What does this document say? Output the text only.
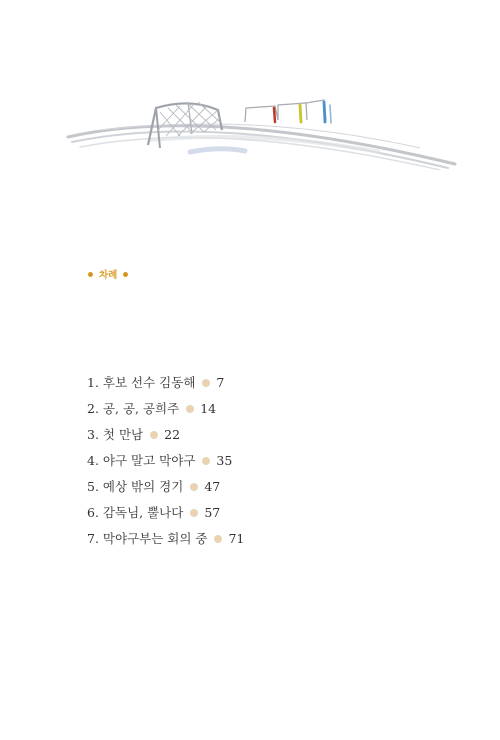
차례
1.
후보 선수 김동해 7
2.
공, 공, 공희주 14
3.
첫 만남 22
4.
야구 말고 막야구 35
5.
예상 밖의 경기 47
6.
감독님, 뿔나다 57
7.
막야구부는 회의 중 71
